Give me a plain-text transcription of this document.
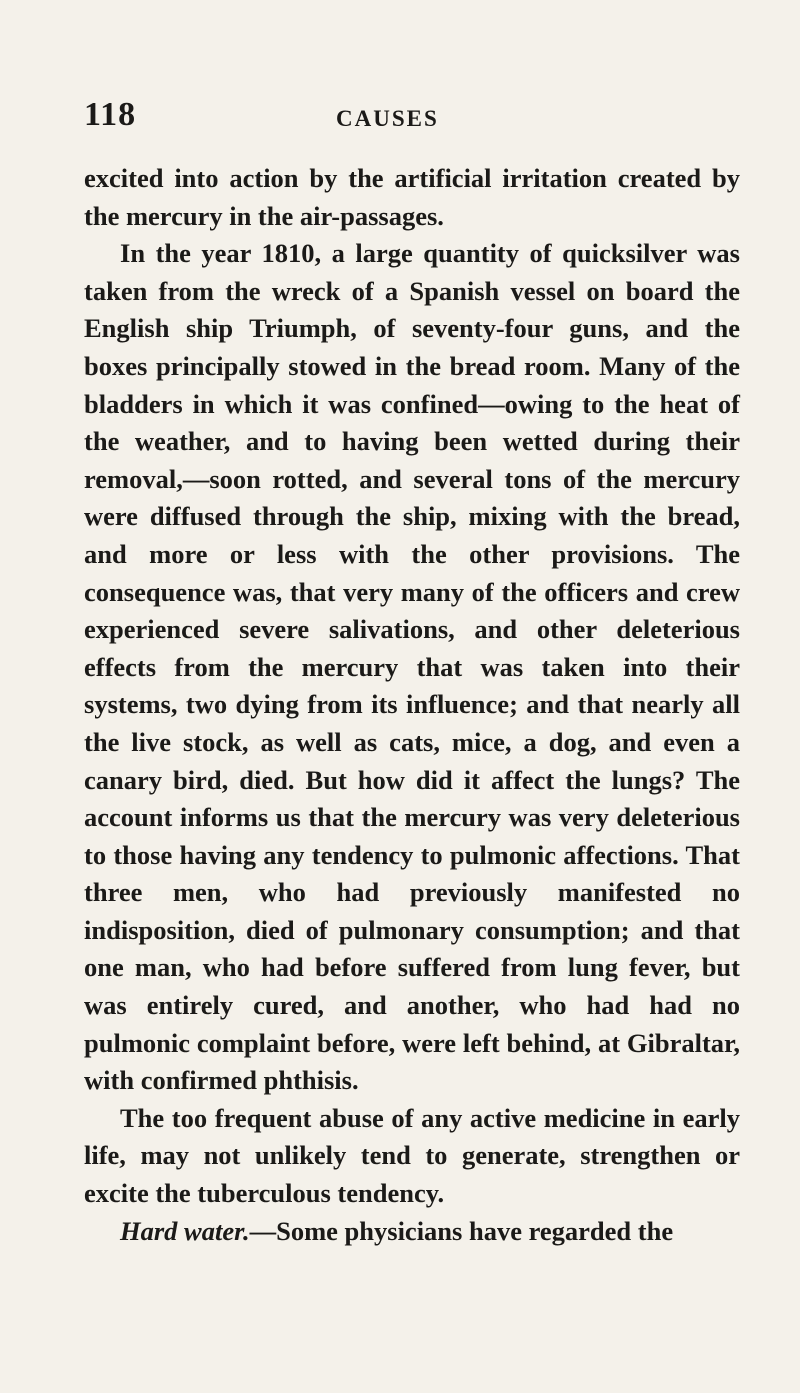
118	CAUSES

excited into action by the artificial irritation created by the mercury in the air-passages.

In the year 1810, a large quantity of quicksilver was taken from the wreck of a Spanish vessel on board the English ship Triumph, of seventy-four guns, and the boxes principally stowed in the bread room. Many of the bladders in which it was confined—owing to the heat of the weather, and to having been wetted during their removal,—soon rotted, and several tons of the mercury were diffused through the ship, mixing with the bread, and more or less with the other provisions. The consequence was, that very many of the officers and crew experienced severe salivations, and other deleterious effects from the mercury that was taken into their systems, two dying from its influence; and that nearly all the live stock, as well as cats, mice, a dog, and even a canary bird, died. But how did it affect the lungs? The account informs us that the mercury was very deleterious to those having any tendency to pulmonic affections. That three men, who had previously manifested no indisposition, died of pulmonary consumption; and that one man, who had before suffered from lung fever, but was entirely cured, and another, who had had no pulmonic complaint before, were left behind, at Gibraltar, with confirmed phthisis.

The too frequent abuse of any active medicine in early life, may not unlikely tend to generate, strengthen or excite the tuberculous tendency.

Hard water.—Some physicians have regarded the
